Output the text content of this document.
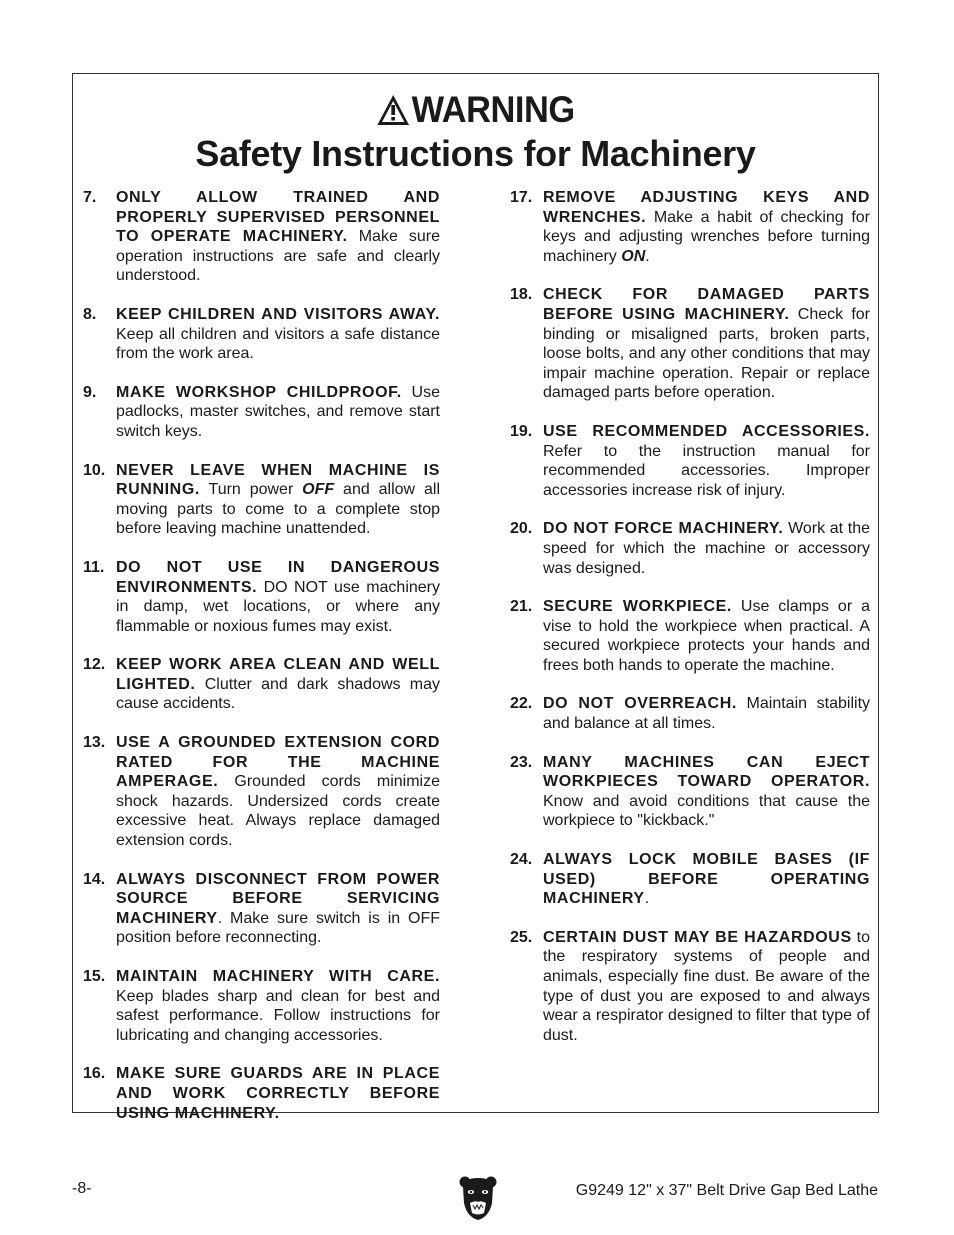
WARNING
Safety Instructions for Machinery
7. ONLY ALLOW TRAINED AND PROPERLY SUPERVISED PERSONNEL TO OPERATE MACHINERY. Make sure operation instructions are safe and clearly understood.
8. KEEP CHILDREN AND VISITORS AWAY. Keep all children and visitors a safe distance from the work area.
9. MAKE WORKSHOP CHILDPROOF. Use padlocks, master switches, and remove start switch keys.
10. NEVER LEAVE WHEN MACHINE IS RUNNING. Turn power OFF and allow all moving parts to come to a complete stop before leaving machine unattended.
11. DO NOT USE IN DANGEROUS ENVIRONMENTS. DO NOT use machinery in damp, wet locations, or where any flammable or noxious fumes may exist.
12. KEEP WORK AREA CLEAN AND WELL LIGHTED. Clutter and dark shadows may cause accidents.
13. USE A GROUNDED EXTENSION CORD RATED FOR THE MACHINE AMPERAGE. Grounded cords minimize shock hazards. Undersized cords create excessive heat. Always replace damaged extension cords.
14. ALWAYS DISCONNECT FROM POWER SOURCE BEFORE SERVICING MACHINERY. Make sure switch is in OFF position before reconnecting.
15. MAINTAIN MACHINERY WITH CARE. Keep blades sharp and clean for best and safest performance. Follow instructions for lubricating and changing accessories.
16. MAKE SURE GUARDS ARE IN PLACE AND WORK CORRECTLY BEFORE USING MACHINERY.
17. REMOVE ADJUSTING KEYS AND WRENCHES. Make a habit of checking for keys and adjusting wrenches before turning machinery ON.
18. CHECK FOR DAMAGED PARTS BEFORE USING MACHINERY. Check for binding or misaligned parts, broken parts, loose bolts, and any other conditions that may impair machine operation. Repair or replace damaged parts before operation.
19. USE RECOMMENDED ACCESSORIES. Refer to the instruction manual for recommended accessories. Improper accessories increase risk of injury.
20. DO NOT FORCE MACHINERY. Work at the speed for which the machine or accessory was designed.
21. SECURE WORKPIECE. Use clamps or a vise to hold the workpiece when practical. A secured workpiece protects your hands and frees both hands to operate the machine.
22. DO NOT OVERREACH. Maintain stability and balance at all times.
23. MANY MACHINES CAN EJECT WORKPIECES TOWARD OPERATOR. Know and avoid conditions that cause the workpiece to "kickback."
24. ALWAYS LOCK MOBILE BASES (IF USED) BEFORE OPERATING MACHINERY.
25. CERTAIN DUST MAY BE HAZARDOUS to the respiratory systems of people and animals, especially fine dust. Be aware of the type of dust you are exposed to and always wear a respirator designed to filter that type of dust.
-8-	G9249 12" x 37" Belt Drive Gap Bed Lathe
